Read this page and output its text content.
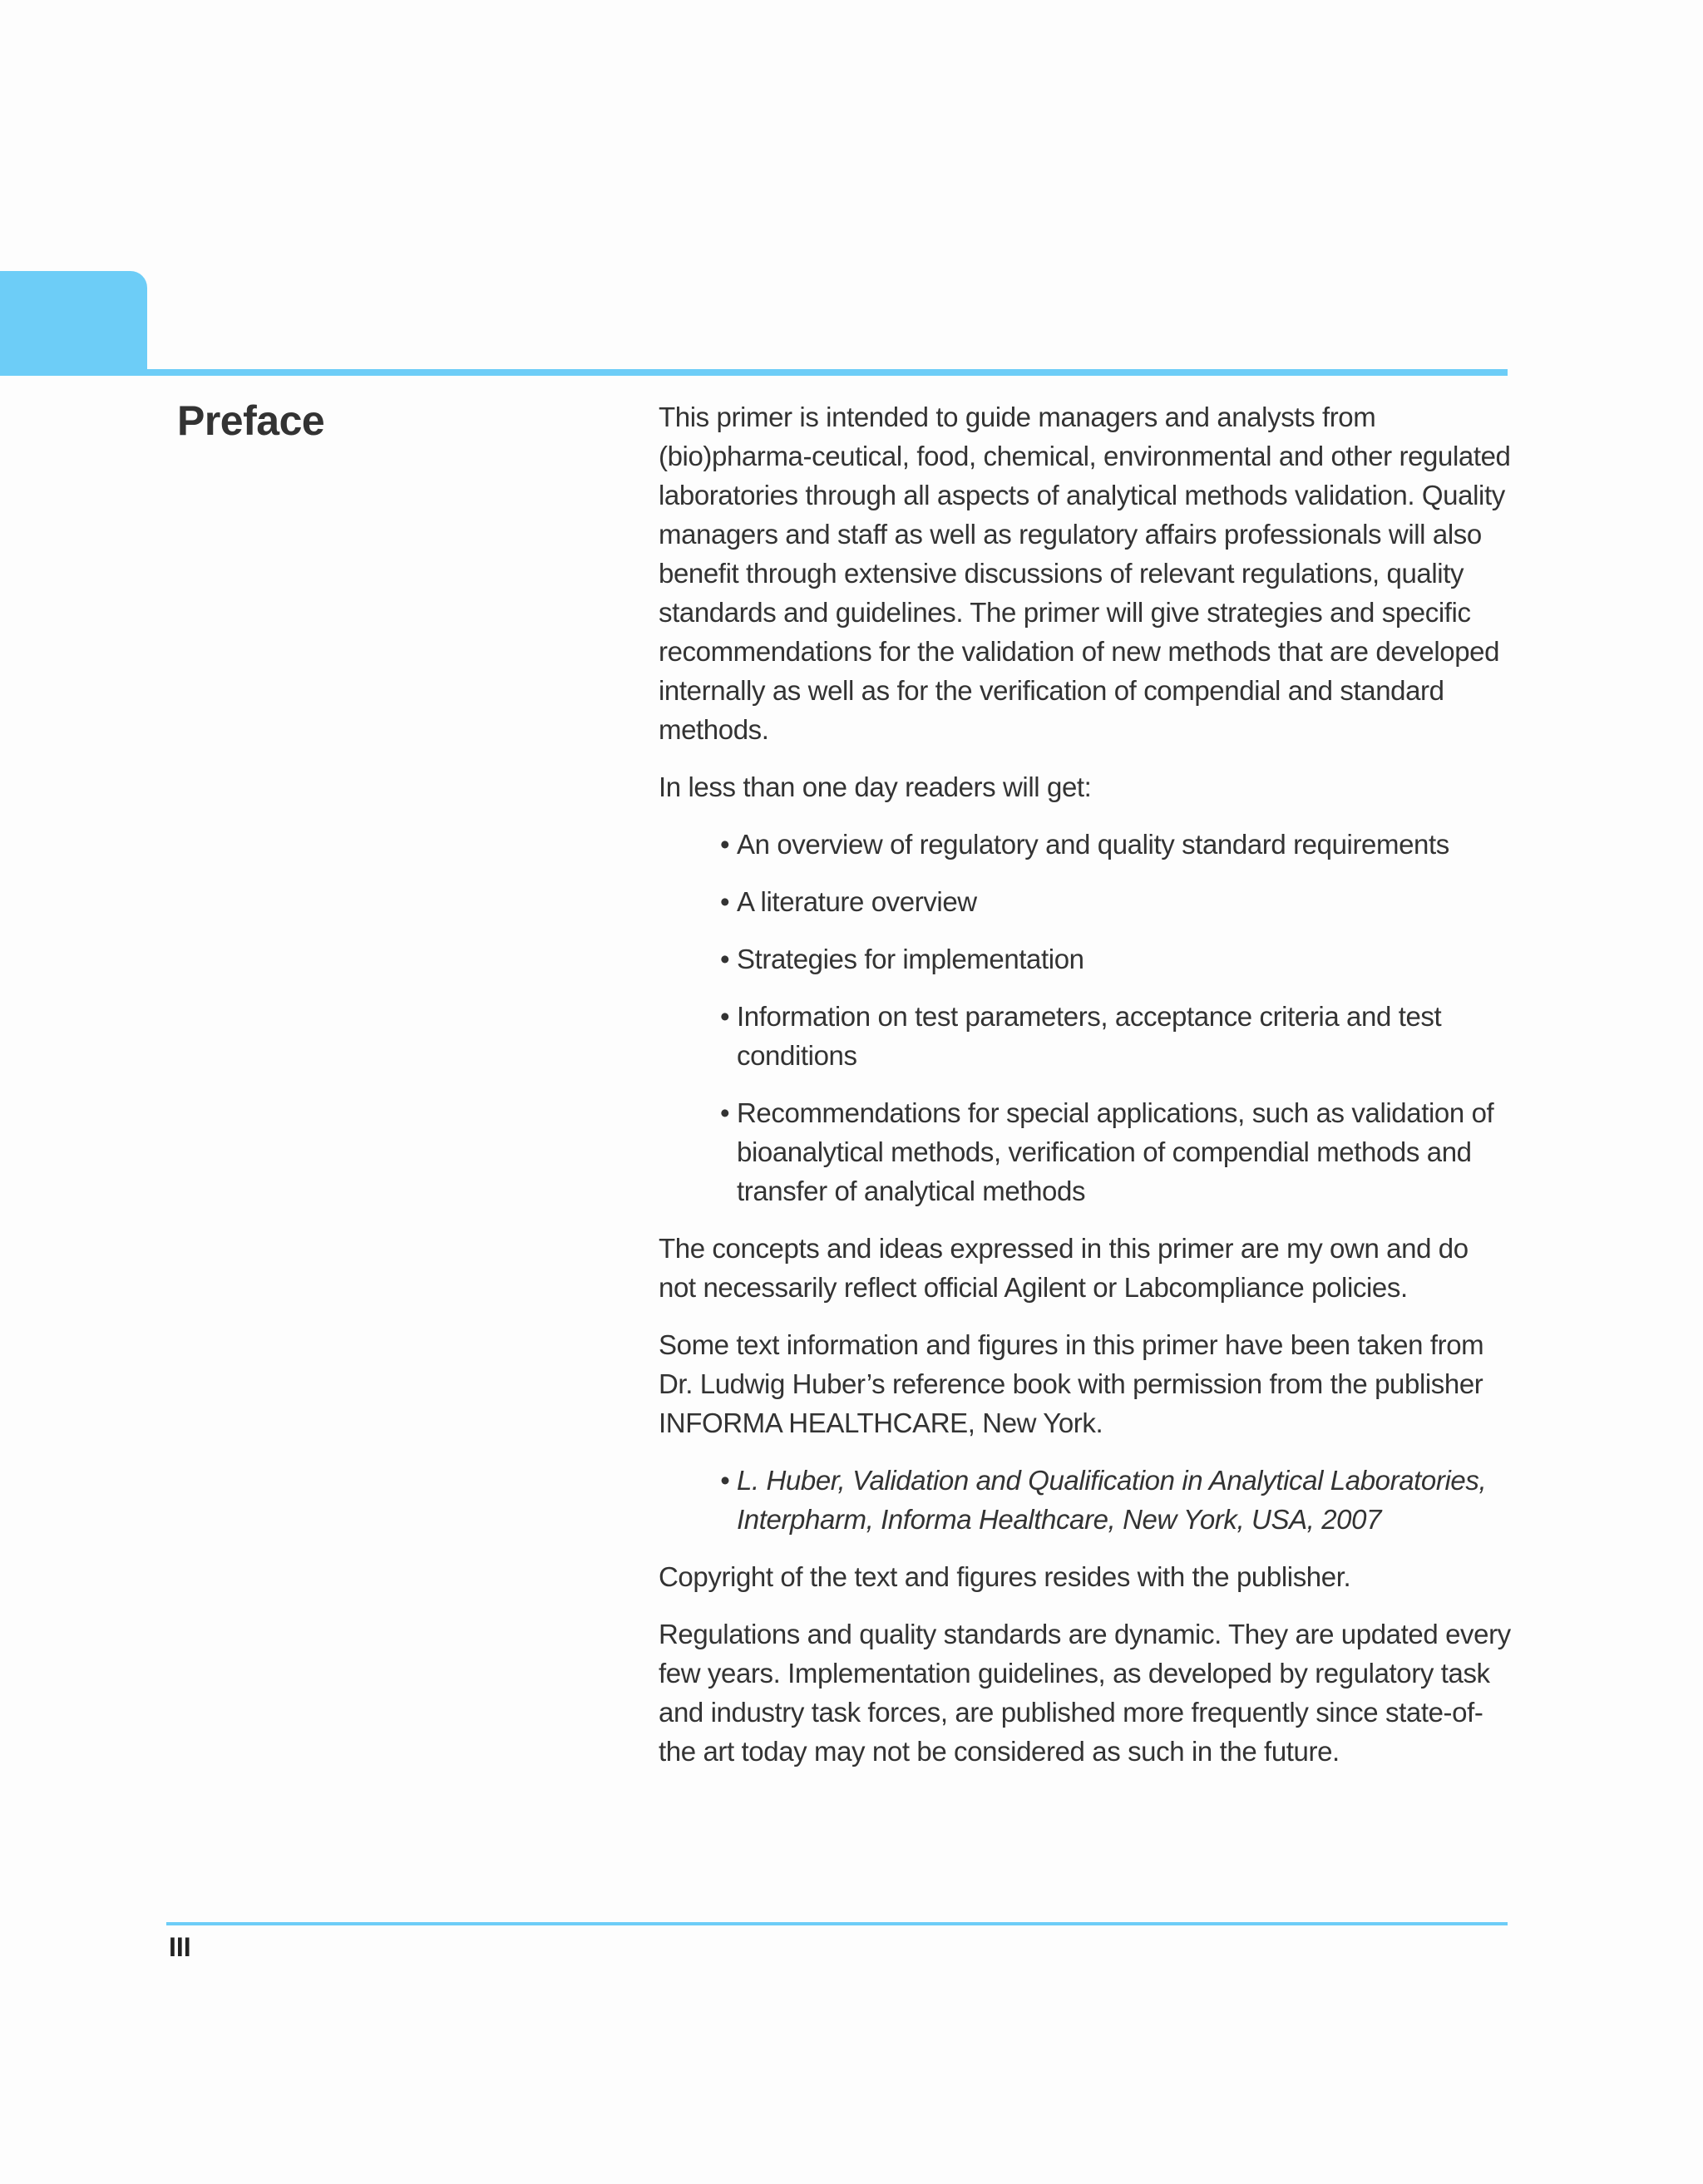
Preface	This primer is intended to guide managers and analysts from (bio)pharma-ceutical, food, chemical, environmental and other regulated laboratories through all aspects of analytical methods validation. Quality managers and staff as well as regulatory affairs professionals will also benefit through extensive discussions of relevant regulations, quality standards and guidelines. The primer will give strategies and specific recommendations for the validation of new methods that are developed internally as well as for the verification of compendial and standard methods.

In less than one day readers will get:

• An overview of regulatory and quality standard requirements
• A literature overview
• Strategies for implementation
• Information on test parameters, acceptance criteria and test conditions
• Recommendations for special applications, such as validation of bioanalytical methods, verification of compendial methods and transfer of analytical methods

The concepts and ideas expressed in this primer are my own and do not necessarily reflect official Agilent or Labcompliance policies.

Some text information and figures in this primer have been taken from Dr. Ludwig Huber’s reference book with permission from the publisher INFORMA HEALTHCARE, New York.

• L. Huber, Validation and Qualification in Analytical Laboratories, Interpharm, Informa Healthcare, New York, USA, 2007

Copyright of the text and figures resides with the publisher.

Regulations and quality standards are dynamic. They are updated every few years. Implementation guidelines, as developed by regulatory task and industry task forces, are published more frequently since state-of-the art today may not be considered as such in the future.

III
